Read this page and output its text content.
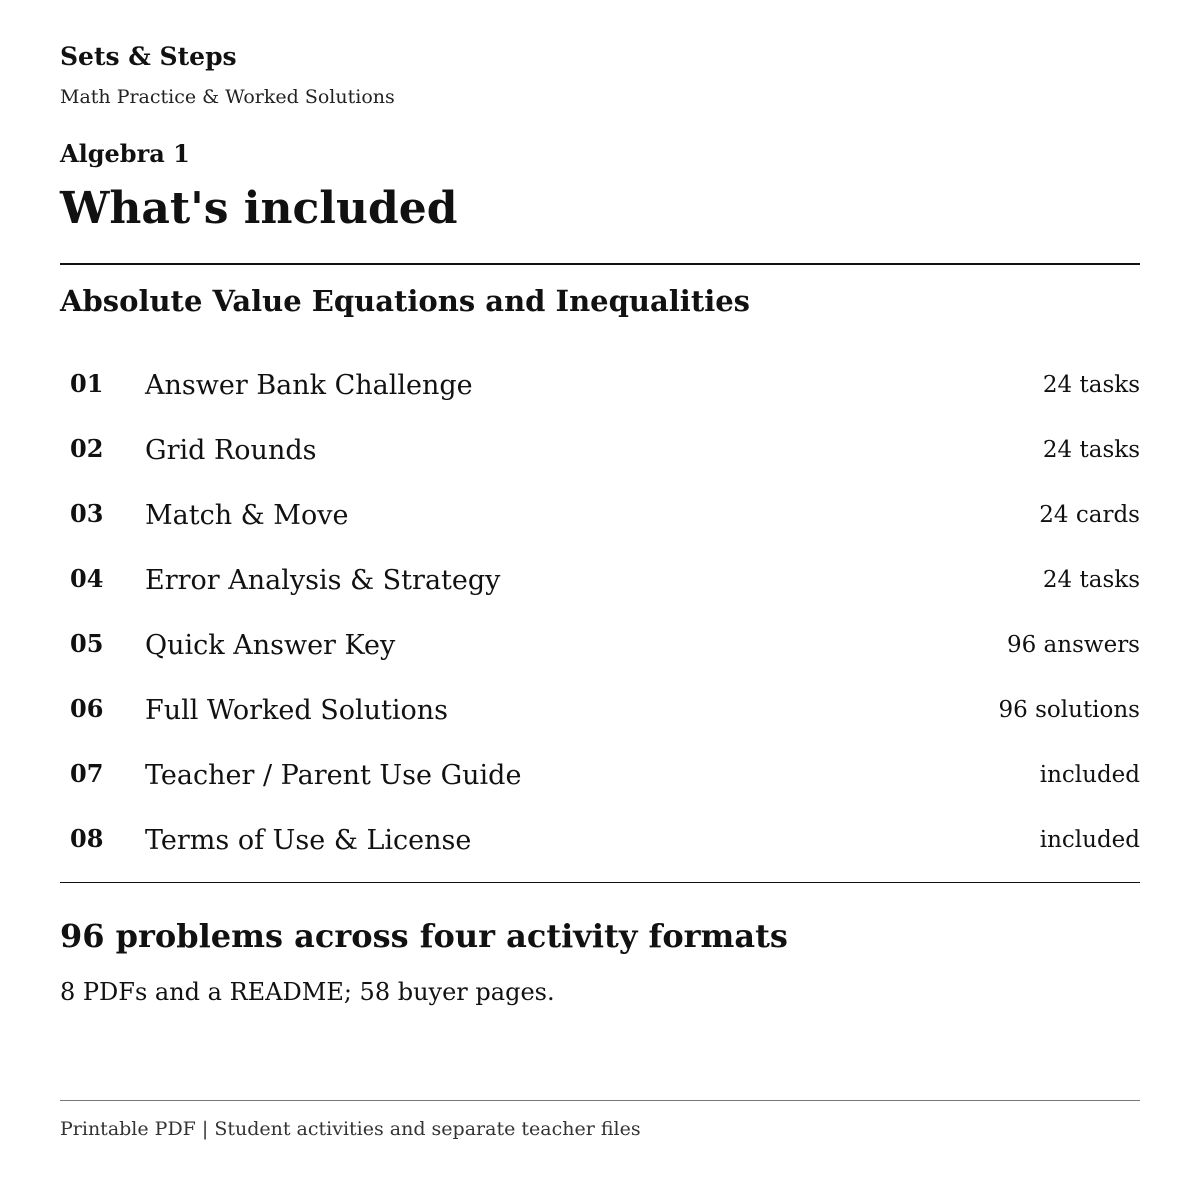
Sets & Steps
Math Practice & Worked Solutions
Algebra 1
What's included
Absolute Value Equations and Inequalities
01 Answer Bank Challenge	24 tasks
02 Grid Rounds	24 tasks
03 Match & Move	24 cards
04 Error Analysis & Strategy	24 tasks
05 Quick Answer Key	96 answers
06 Full Worked Solutions	96 solutions
07 Teacher / Parent Use Guide	included
08 Terms of Use & License	included
96 problems across four activity formats
8 PDFs and a README; 58 buyer pages.
Printable PDF | Student activities and separate teacher files
